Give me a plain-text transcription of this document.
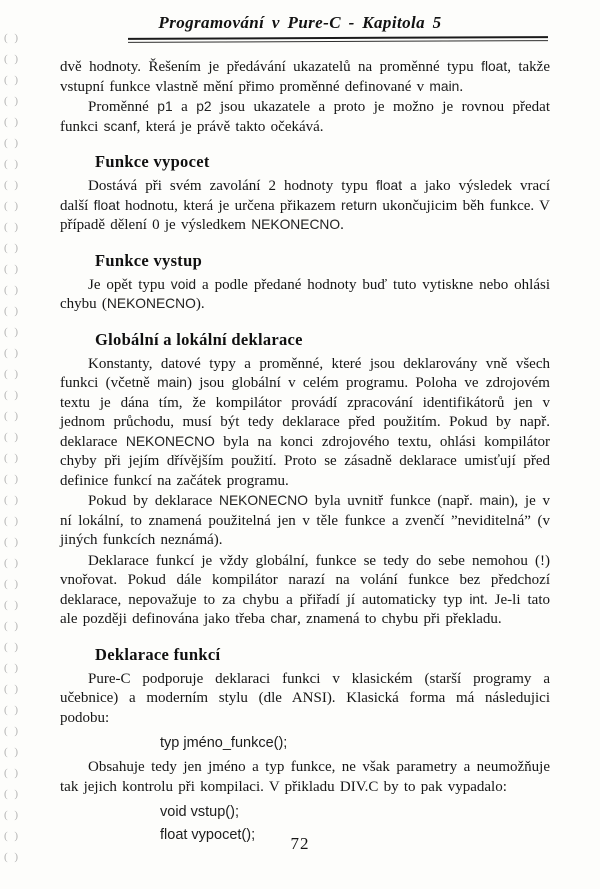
( )
( )
( )
( )
( )
( )
( )
( )
( )
( )
( )
( )
( )
( )
( )
( )
( )
( )
( )
( )
( )
( )
( )
( )
( )
( )
( )
( )
( )
( )
( )
( )
( )
( )
( )
( )
( )
( )
( )
( )
Programování v Pure-C - Kapitola 5

dvě hodnoty. Řešením je předávání ukazatelů na proměnné typu float, takže vstupní funkce vlastně mění přimo proměnné definované v main.

Proměnné p1 a p2 jsou ukazatele a proto je možno je rovnou předat funkci scanf, která je právě takto očekává.

Funkce vypocet

Dostává při svém zavolání 2 hodnoty typu float a jako výsledek vrací další float hodnotu, která je určena přikazem return ukončujicim běh funkce. V případě dělení 0 je výsledkem NEKONECNO.

Funkce vystup

Je opět typu void a podle předané hodnoty buď tuto vytiskne nebo ohlási chybu (NEKONECNO).

Globální a lokální deklarace

Konstanty, datové typy a proměnné, které jsou deklarovány vně všech funkci (včetně main) jsou globální v celém programu. Poloha ve zdrojovém textu je dána tím, že kompilátor provádí zpracování identifikátorů jen v jednom průchodu, musí být tedy deklarace před použitím. Pokud by např. deklarace NEKONECNO byla na konci zdrojového textu, ohlási kompilátor chyby při jejím dřívějším použití. Proto se zásadně deklarace umisťují před definice funkcí na začátek programu.

Pokud by deklarace NEKONECNO byla uvnitř funkce (např. main), je v ní lokální, to znamená použitelná jen v těle funkce a zvenčí ”neviditelná” (v jiných funkcích neznámá).

Deklarace funkcí je vždy globální, funkce se tedy do sebe nemohou (!) vnořovat. Pokud dále kompilátor narazí na volání funkce bez předchozí deklarace, nepovažuje to za chybu a přiřadí jí automaticky typ int. Je-li tato ale později definována jako třeba char, znamená to chybu při překladu.

Deklarace funkcí

Pure-C podporuje deklaraci funkci v klasickém (starší programy a učebnice) a moderním stylu (dle ANSI). Klasická forma má následujici podobu:

typ jméno_funkce();

Obsahuje tedy jen jméno a typ funkce, ne však parametry a neumožňuje tak jejich kontrolu při kompilaci. V přikladu DIV.C by to pak vypadalo:

void vstup();
float vypocet();	72
